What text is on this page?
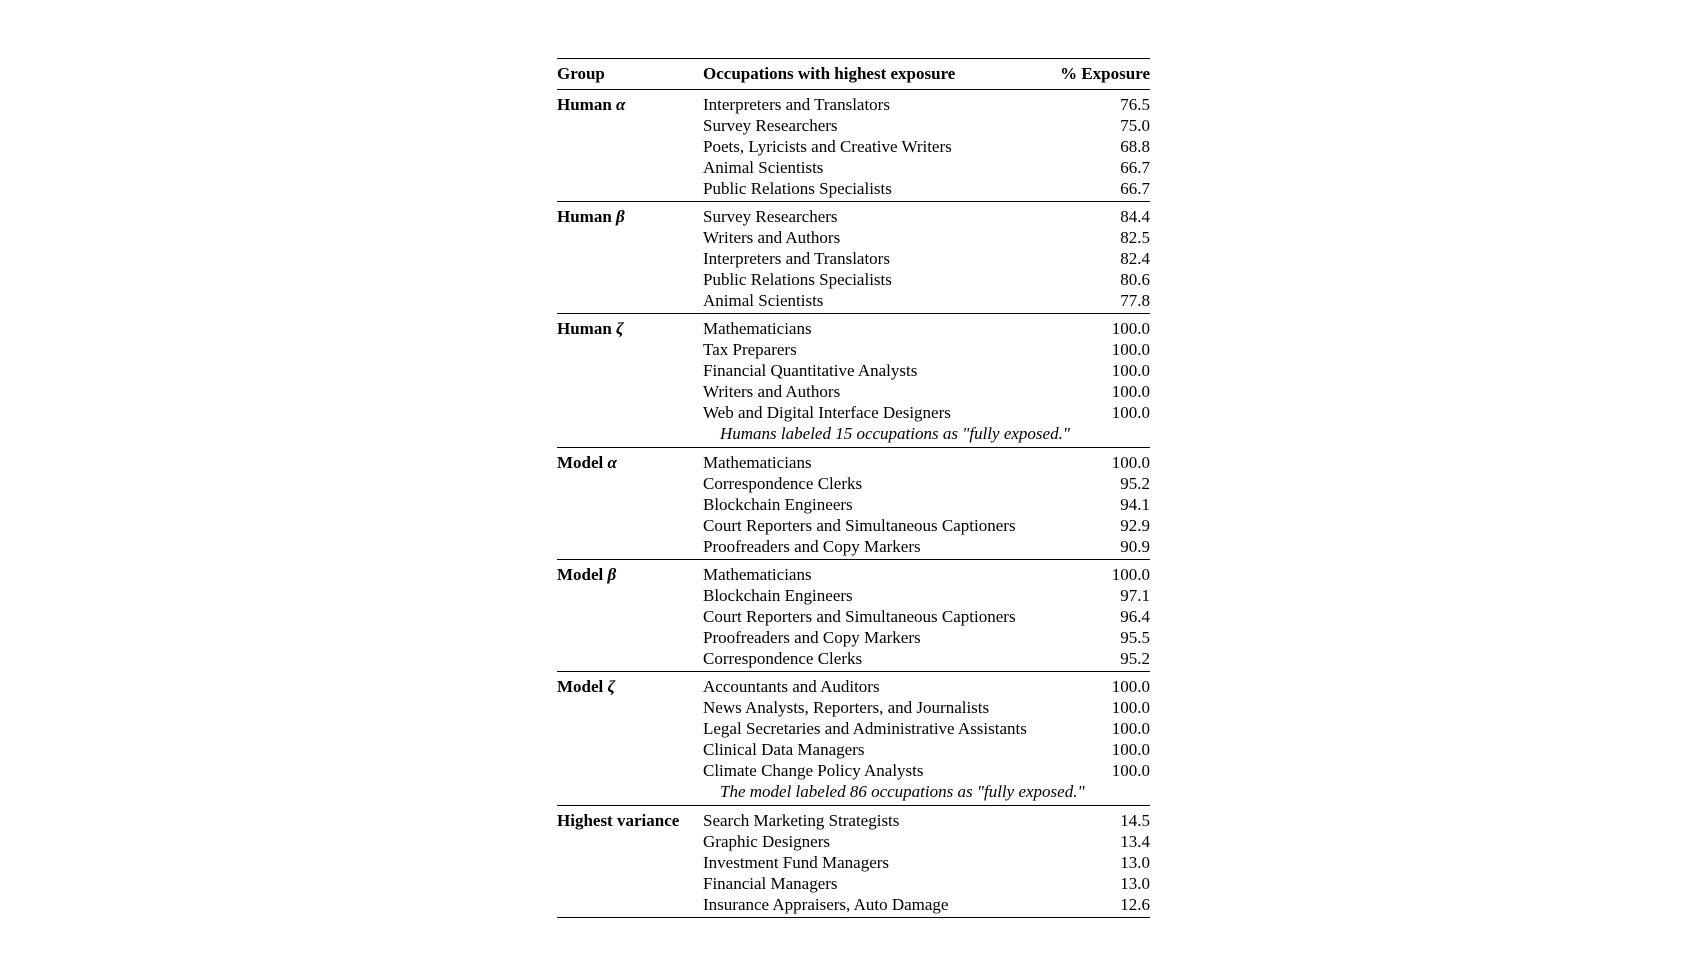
Group	Occupations with highest exposure	% Exposure
Human α	Interpreters and Translators	76.5
Survey Researchers	75.0
Poets, Lyricists and Creative Writers	68.8
Animal Scientists	66.7
Public Relations Specialists	66.7
Human β	Survey Researchers	84.4
Writers and Authors	82.5
Interpreters and Translators	82.4
Public Relations Specialists	80.6
Animal Scientists	77.8
Human ζ	Mathematicians	100.0
Tax Preparers	100.0
Financial Quantitative Analysts	100.0
Writers and Authors	100.0
Web and Digital Interface Designers	100.0
Humans labeled 15 occupations as "fully exposed."
Model α	Mathematicians	100.0
Correspondence Clerks	95.2
Blockchain Engineers	94.1
Court Reporters and Simultaneous Captioners	92.9
Proofreaders and Copy Markers	90.9
Model β	Mathematicians	100.0
Blockchain Engineers	97.1
Court Reporters and Simultaneous Captioners	96.4
Proofreaders and Copy Markers	95.5
Correspondence Clerks	95.2
Model ζ	Accountants and Auditors	100.0
News Analysts, Reporters, and Journalists	100.0
Legal Secretaries and Administrative Assistants	100.0
Clinical Data Managers	100.0
Climate Change Policy Analysts	100.0
The model labeled 86 occupations as "fully exposed."
Highest variance	Search Marketing Strategists	14.5
Graphic Designers	13.4
Investment Fund Managers	13.0
Financial Managers	13.0
Insurance Appraisers, Auto Damage	12.6
